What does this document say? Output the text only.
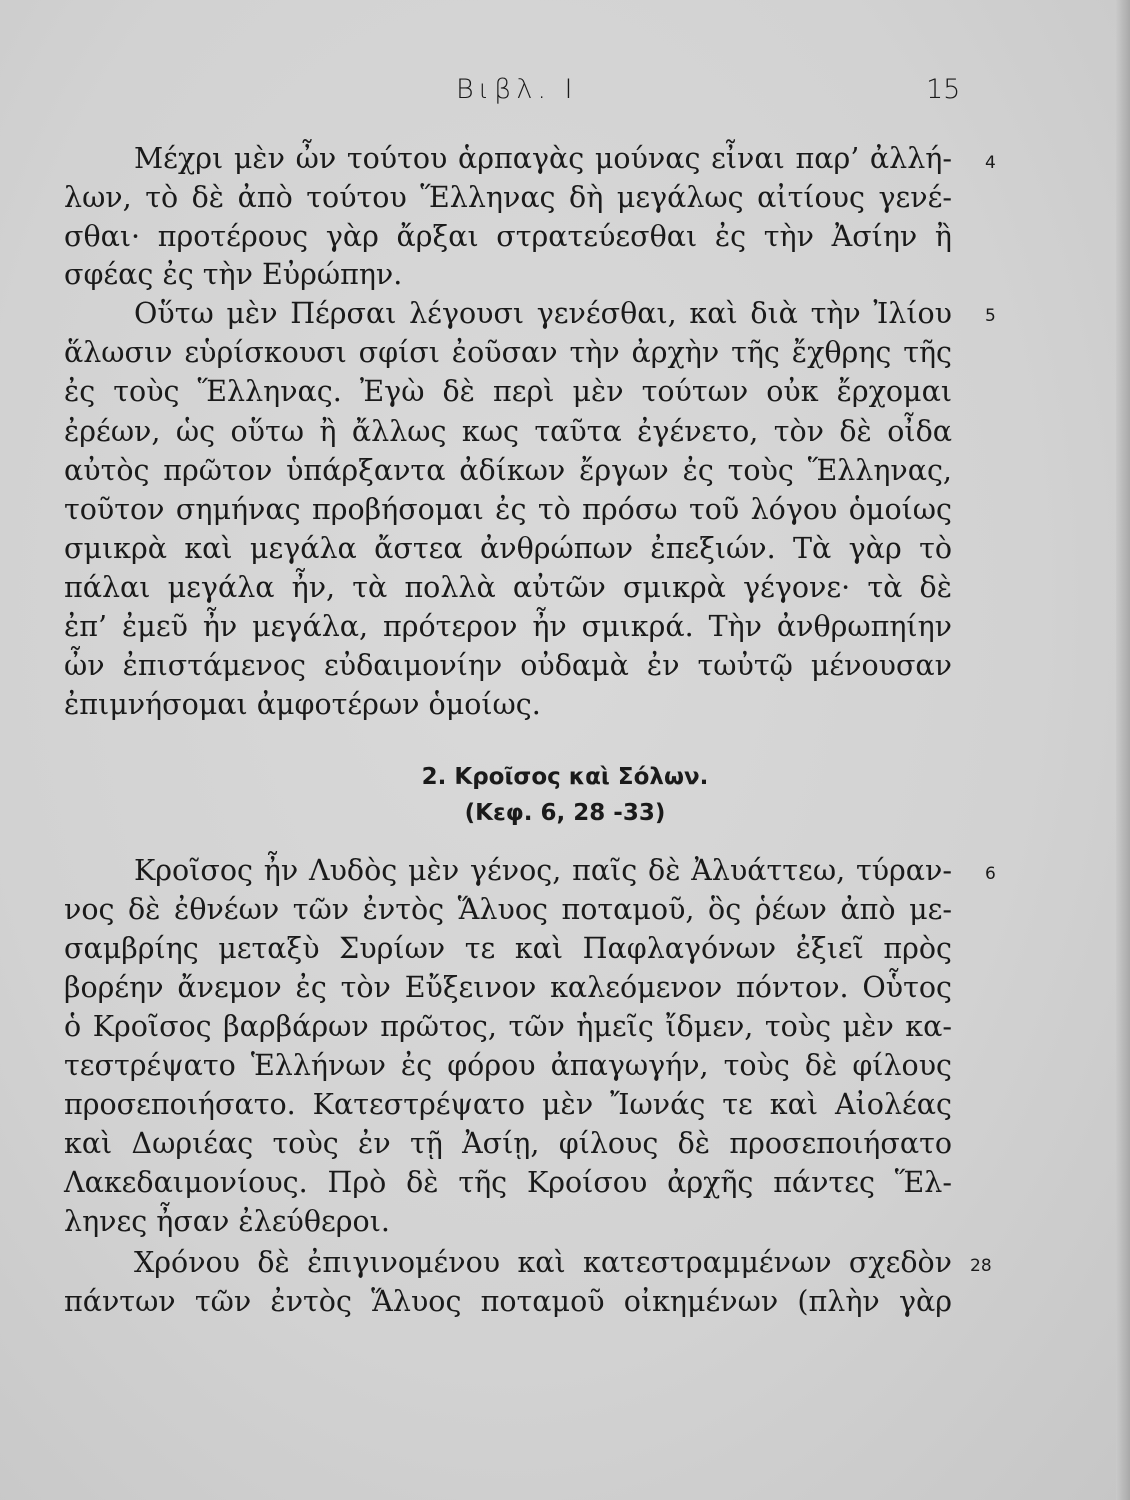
Βιβλ. Ι	15
4
Μέχρι μὲν ὦν τούτου ἁρπαγὰς μούνας εἶναι παρ’ ἀλλή-
λων, τὸ δὲ ἀπὸ τούτου Ἕλληνας δὴ μεγάλως αἰτίους γενέ-
σθαι· προτέρους γὰρ ἄρξαι στρατεύεσθαι ἐς τὴν Ἀσίην ἢ
σφέας ἐς τὴν Εὐρώπην.
5
Οὕτω μὲν Πέρσαι λέγουσι γενέσθαι, καὶ διὰ τὴν Ἰλίου
ἅλωσιν εὑρίσκουσι σφίσι ἐοῦσαν τὴν ἀρχὴν τῆς ἔχθρης τῆς
ἐς τοὺς Ἕλληνας. Ἐγὼ δὲ περὶ μὲν τούτων οὐκ ἔρχομαι
ἐρέων, ὡς οὕτω ἢ ἄλλως κως ταῦτα ἐγένετο, τὸν δὲ οἶδα
αὐτὸς πρῶτον ὑπάρξαντα ἀδίκων ἔργων ἐς τοὺς Ἕλληνας,
τοῦτον σημήνας προβήσομαι ἐς τὸ πρόσω τοῦ λόγου ὁμοίως
σμικρὰ καὶ μεγάλα ἄστεα ἀνθρώπων ἐπεξιών. Τὰ γὰρ τὸ
πάλαι μεγάλα ἦν, τὰ πολλὰ αὐτῶν σμικρὰ γέγονε· τὰ δὲ
ἐπ’ ἐμεῦ ἦν μεγάλα, πρότερον ἦν σμικρά. Τὴν ἀνθρωπηίην
ὦν ἐπιστάμενος εὐδαιμονίην οὐδαμὰ ἐν τωὐτῷ μένουσαν
ἐπιμνήσομαι ἀμφοτέρων ὁμοίως.
2. Κροῖσος καὶ Σόλων.
(Κεφ. 6, 28 -33)
6
Κροῖσος ἦν Λυδὸς μὲν γένος, παῖς δὲ Ἀλυάττεω, τύραν-
νος δὲ ἐθνέων τῶν ἐντὸς Ἅλυος ποταμοῦ, ὃς ῥέων ἀπὸ με-
σαμβρίης μεταξὺ Συρίων τε καὶ Παφλαγόνων ἐξιεῖ πρὸς
βορέην ἄνεμον ἐς τὸν Εὔξεινον καλεόμενον πόντον. Οὗτος
ὁ Κροῖσος βαρβάρων πρῶτος, τῶν ἡμεῖς ἴδμεν, τοὺς μὲν κα-
τεστρέψατο Ἑλλήνων ἐς φόρου ἀπαγωγήν, τοὺς δὲ φίλους
προσεποιήσατο. Κατεστρέψατο μὲν Ἴωνάς τε καὶ Αἰολέας
καὶ Δωριέας τοὺς ἐν τῇ Ἀσίῃ, φίλους δὲ προσεποιήσατο
Λακεδαιμονίους. Πρὸ δὲ τῆς Κροίσου ἀρχῆς πάντες Ἕλ-
ληνες ἦσαν ἐλεύθεροι.
28
Χρόνου δὲ ἐπιγινομένου καὶ κατεστραμμένων σχεδὸν
πάντων τῶν ἐντὸς Ἅλυος ποταμοῦ οἰκημένων (πλὴν γὰρ
